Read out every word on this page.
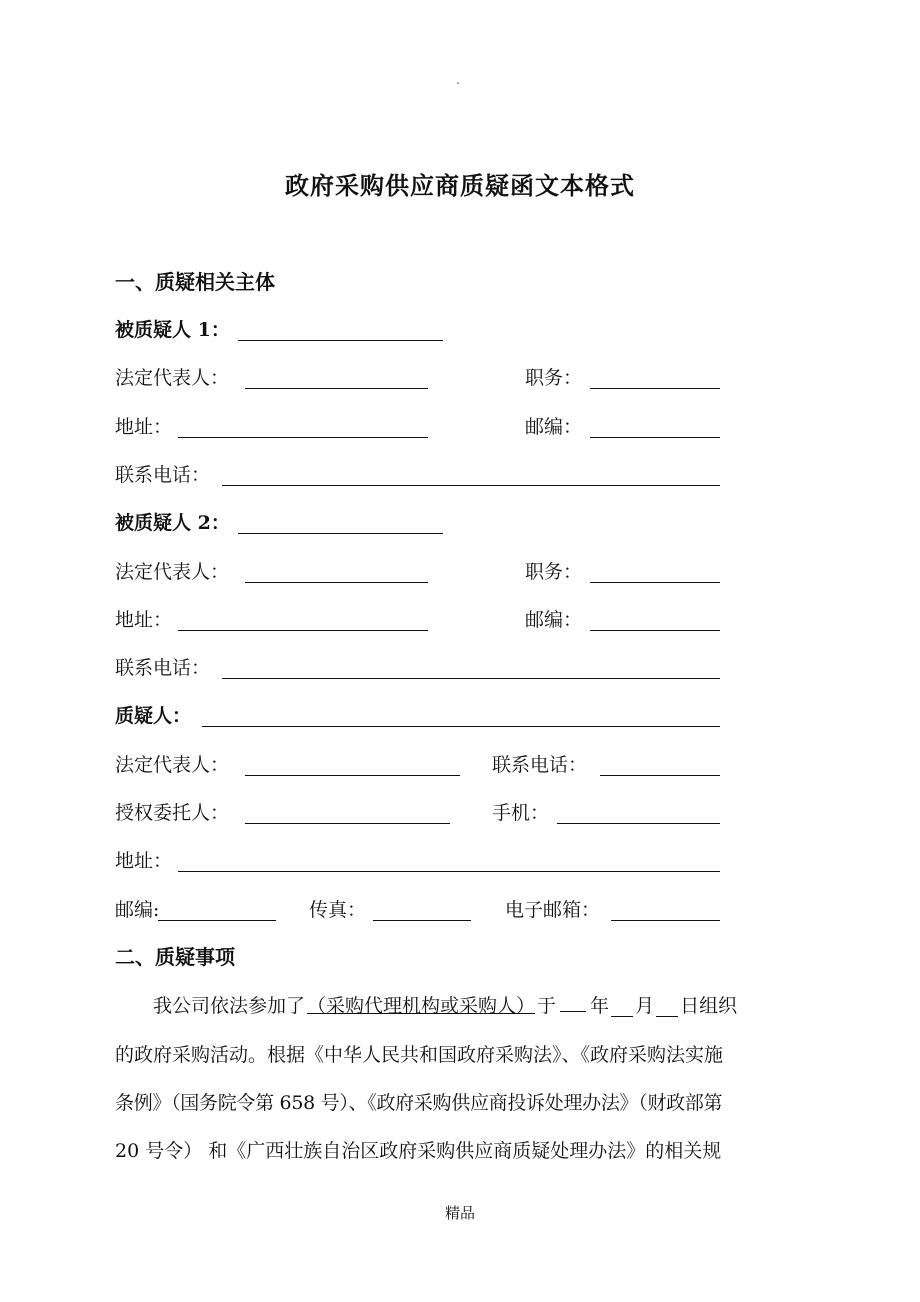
.
政府采购供应商质疑函文本格式
一、质疑相关主体
被质疑人 1：
法定代表人：	职务：
地址：	邮编：
联系电话：
被质疑人 2：
法定代表人：	职务：
地址：	邮编：
联系电话：
质疑人：
法定代表人：	联系电话：
授权委托人：	手机：
地址：
邮编:	传真：	电子邮箱：
二、质疑事项
我公司依法参加了 （采购代理机构或采购人） 于 年 月 日组织
的政府采购活动。根据《中华人民共和国政府采购法》、《政府采购法实施
条例》（国务院令第 658 号）、《政府采购供应商投诉处理办法》（财政部第
20 号令） 和《广西壮族自治区政府采购供应商质疑处理办法》的相关规
精品
